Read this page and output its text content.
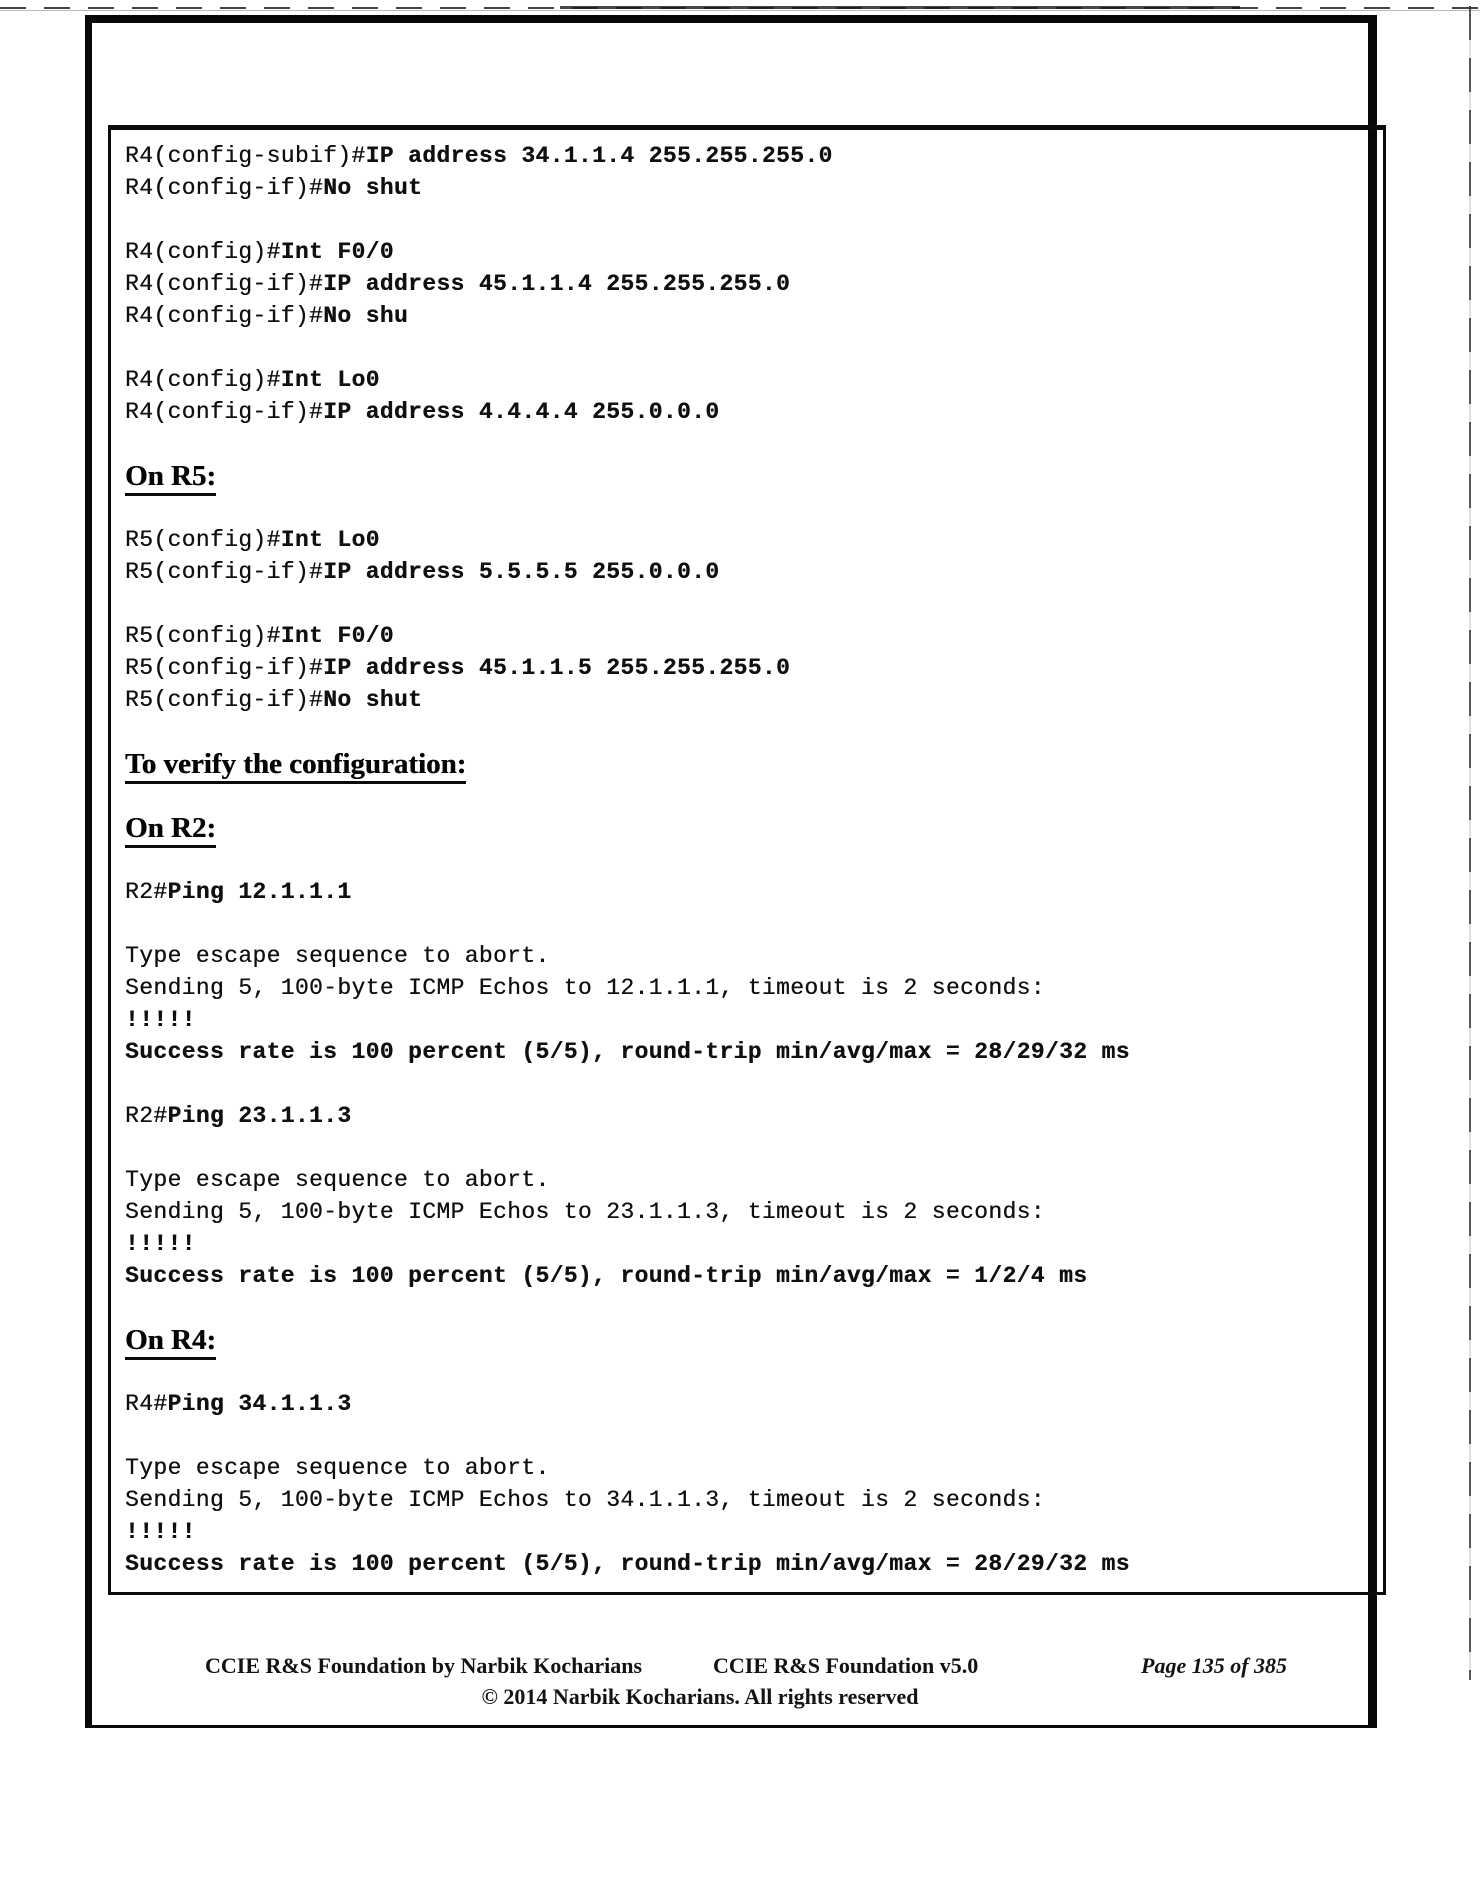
R4(config-subif)#IP address 34.1.1.4 255.255.255.0
R4(config-if)#No shut
R4(config)#Int F0/0
R4(config-if)#IP address 45.1.1.4 255.255.255.0
R4(config-if)#No shu
R4(config)#Int Lo0
R4(config-if)#IP address 4.4.4.4 255.0.0.0
On R5:
R5(config)#Int Lo0
R5(config-if)#IP address 5.5.5.5 255.0.0.0
R5(config)#Int F0/0
R5(config-if)#IP address 45.1.1.5 255.255.255.0
R5(config-if)#No shut
To verify the configuration:
On R2:
R2#Ping 12.1.1.1
Type escape sequence to abort.
Sending 5, 100-byte ICMP Echos to 12.1.1.1, timeout is 2 seconds:
!!!!!
Success rate is 100 percent (5/5), round-trip min/avg/max = 28/29/32 ms
R2#Ping 23.1.1.3
Type escape sequence to abort.
Sending 5, 100-byte ICMP Echos to 23.1.1.3, timeout is 2 seconds:
!!!!!
Success rate is 100 percent (5/5), round-trip min/avg/max = 1/2/4 ms
On R4:
R4#Ping 34.1.1.3
Type escape sequence to abort.
Sending 5, 100-byte ICMP Echos to 34.1.1.3, timeout is 2 seconds:
!!!!!
Success rate is 100 percent (5/5), round-trip min/avg/max = 28/29/32 ms
CCIE R&S Foundation by Narbik Kocharians	CCIE R&S Foundation v5.0	Page 135 of 385
© 2014 Narbik Kocharians. All rights reserved
